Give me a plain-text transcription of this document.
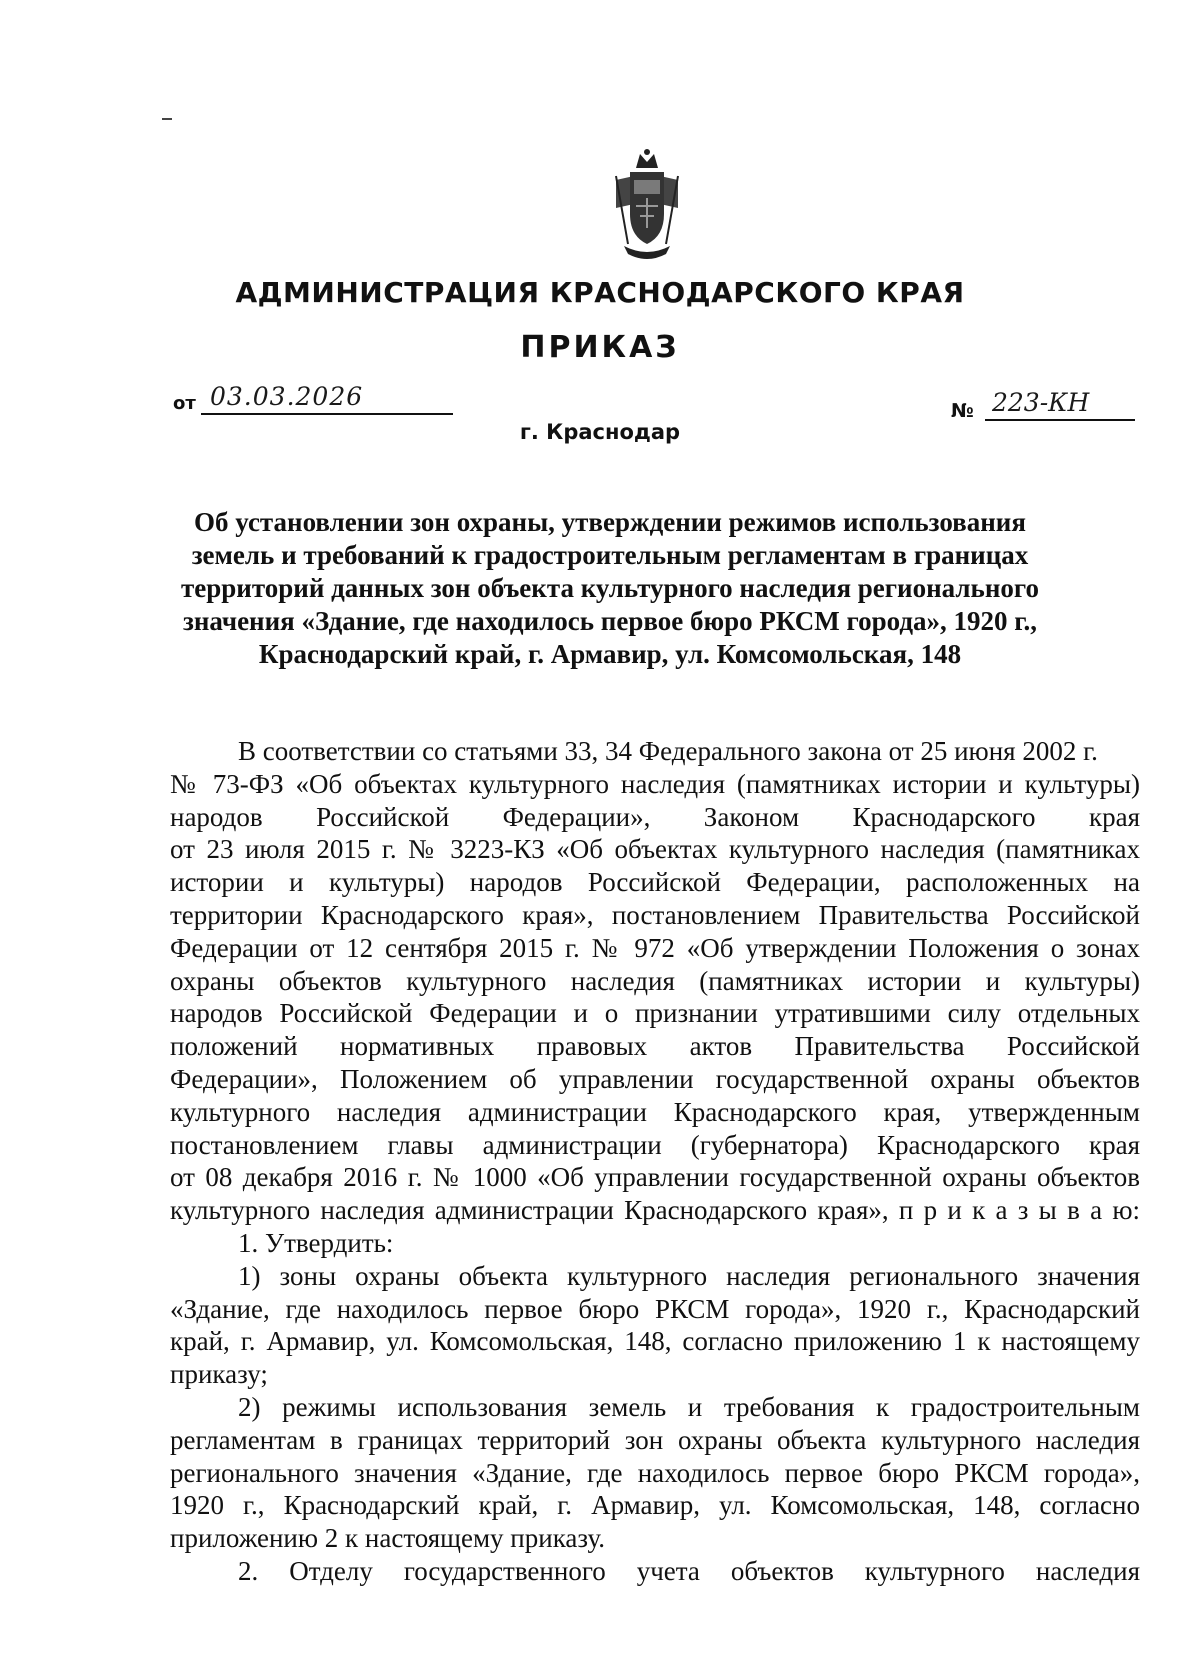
АДМИНИСТРАЦИЯ КРАСНОДАРСКОГО КРАЯ
ПРИКАЗ
от 03.03.2026
г. Краснодар
№ 223-КН
Об установлении зон охраны, утверждении режимов использования
земель и требований к градостроительным регламентам в границах
территорий данных зон объекта культурного наследия регионального
значения «Здание, где находилось первое бюро РКСМ города», 1920 г.,
Краснодарский край, г. Армавир, ул. Комсомольская, 148
В соответствии со статьями 33, 34 Федерального закона от 25 июня 2002 г.
№ 73-ФЗ «Об объектах культурного наследия (памятниках истории и культуры)
народов Российской Федерации», Законом Краснодарского края
от 23 июля 2015 г. № 3223-КЗ «Об объектах культурного наследия (памятниках
истории и культуры) народов Российской Федерации, расположенных на
территории Краснодарского края», постановлением Правительства Российской
Федерации от 12 сентября 2015 г. № 972 «Об утверждении Положения о зонах
охраны объектов культурного наследия (памятниках истории и культуры)
народов Российской Федерации и о признании утратившими силу отдельных
положений нормативных правовых актов Правительства Российской
Федерации», Положением об управлении государственной охраны объектов
культурного наследия администрации Краснодарского края, утвержденным
постановлением главы администрации (губернатора) Краснодарского края
от 08 декабря 2016 г. № 1000 «Об управлении государственной охраны объектов
культурного наследия администрации Краснодарского края», п р и к а з ы в а ю:
1. Утвердить:
1) зоны охраны объекта культурного наследия регионального значения
«Здание, где находилось первое бюро РКСМ города», 1920 г., Краснодарский
край, г. Армавир, ул. Комсомольская, 148, согласно приложению 1 к настоящему
приказу;
2) режимы использования земель и требования к градостроительным
регламентам в границах территорий зон охраны объекта культурного наследия
регионального значения «Здание, где находилось первое бюро РКСМ города»,
1920 г., Краснодарский край, г. Армавир, ул. Комсомольская, 148, согласно
приложению 2 к настоящему приказу.
2. Отделу государственного учета объектов культурного наследия
